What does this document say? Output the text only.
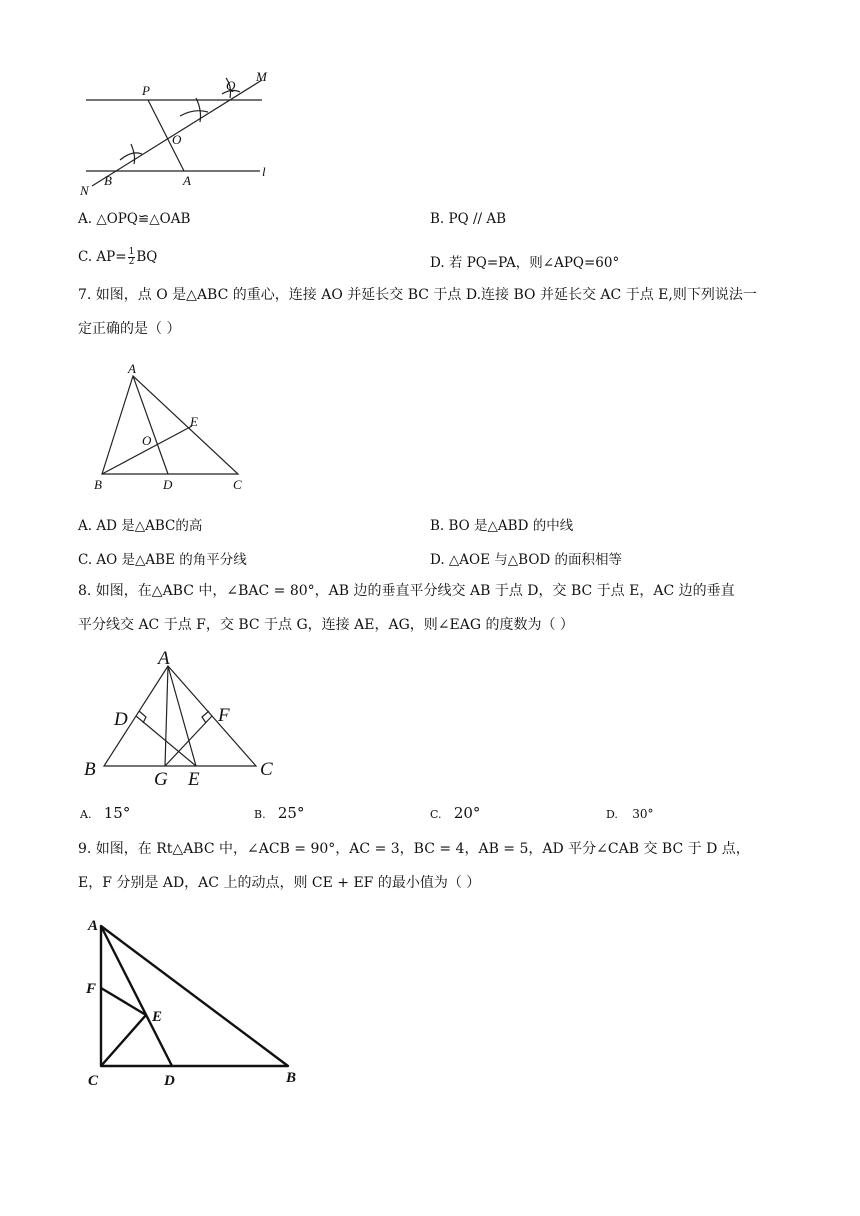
P	Q
M
O
N
B	A
l
A. △OPQ≌△OAB	B. PQ // AB
C. $AP= \frac{1}{2}$ BQ	D. 若 PQ=PA，则∠APQ=60°
7. 如图，点 O 是△ABC 的重心，连接 AO 并延长交 BC 于点 D.连接 BO 并延长交 AC 于点 E,则下列说法一
定正确的是（ ）
A
E
O
B	D	C
A. AD 是△ABC的高	B. BO 是△ABD 的中线
C. AO 是△ABE 的角平分线	D. △AOE 与△BOD 的面积相等
8. 如图，在△ABC 中，∠BAC = 80°，AB 边的垂直平分线交 AB 于点 D，交 BC 于点 E，AC 边的垂直
平分线交 AC 于点 F，交 BC 于点 G，连接 AE，AG，则∠EAG 的度数为（ ）
A
D	F
B	G E	C
A. 15°	B. 25°	C. 20°	D. 30°
9. 如图，在 Rt△ABC 中，∠ACB = 90°，AC = 3，BC = 4，AB = 5，AD 平分∠CAB 交 BC 于 D 点，
E，F 分别是 AD，AC 上的动点，则 CE + EF 的最小值为（ ）
A
F
E
C	D	B
